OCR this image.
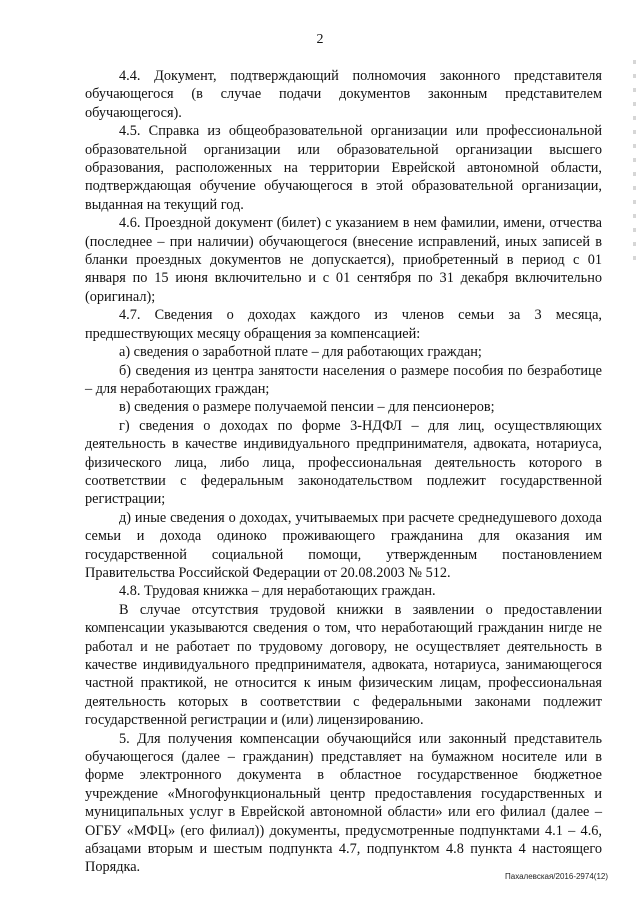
2

4.4. Документ, подтверждающий полномочия законного представителя обучающегося (в случае подачи документов законным представителем обучающегося).

4.5. Справка из общеобразовательной организации или профессиональной образовательной организации или образовательной организации высшего образования, расположенных на территории Еврейской автономной области, подтверждающая обучение обучающегося в этой образовательной организации, выданная на текущий год.

4.6. Проездной документ (билет) с указанием в нем фамилии, имени, отчества (последнее – при наличии) обучающегося (внесение исправлений, иных записей в бланки проездных документов не допускается), приобретенный в период с 01 января по 15 июня включительно и с 01 сентября по 31 декабря включительно (оригинал);

4.7. Сведения о доходах каждого из членов семьи за 3 месяца, предшествующих месяцу обращения за компенсацией:

а) сведения о заработной плате – для работающих граждан;

б) сведения из центра занятости населения о размере пособия по безработице – для неработающих граждан;

в) сведения о размере получаемой пенсии – для пенсионеров;

г) сведения о доходах по форме 3-НДФЛ – для лиц, осуществляющих деятельность в качестве индивидуального предпринимателя, адвоката, нотариуса, физического лица, либо лица, профессиональная деятельность которого в соответствии с федеральным законодательством подлежит государственной регистрации;

д) иные сведения о доходах, учитываемых при расчете среднедушевого дохода семьи и дохода одиноко проживающего гражданина для оказания им государственной социальной помощи, утвержденным постановлением Правительства Российской Федерации от 20.08.2003 № 512.

4.8. Трудовая книжка – для неработающих граждан.

В случае отсутствия трудовой книжки в заявлении о предоставлении компенсации указываются сведения о том, что неработающий гражданин нигде не работал и не работает по трудовому договору, не осуществляет деятельность в качестве индивидуального предпринимателя, адвоката, нотариуса, занимающегося частной практикой, не относится к иным физическим лицам, профессиональная деятельность которых в соответствии с федеральными законами подлежит государственной регистрации и (или) лицензированию.

5. Для получения компенсации обучающийся или законный представитель обучающегося (далее – гражданин) представляет на бумажном носителе или в форме электронного документа в областное государственное бюджетное учреждение «Многофункциональный центр предоставления государственных и муниципальных услуг в Еврейской автономной области» или его филиал (далее – ОГБУ «МФЦ» (его филиал)) документы, предусмотренные подпунктами 4.1 – 4.6, абзацами вторым и шестым подпункта 4.7, подпунктом 4.8 пункта 4 настоящего Порядка.

Пахалевская/2016-2974(12)
